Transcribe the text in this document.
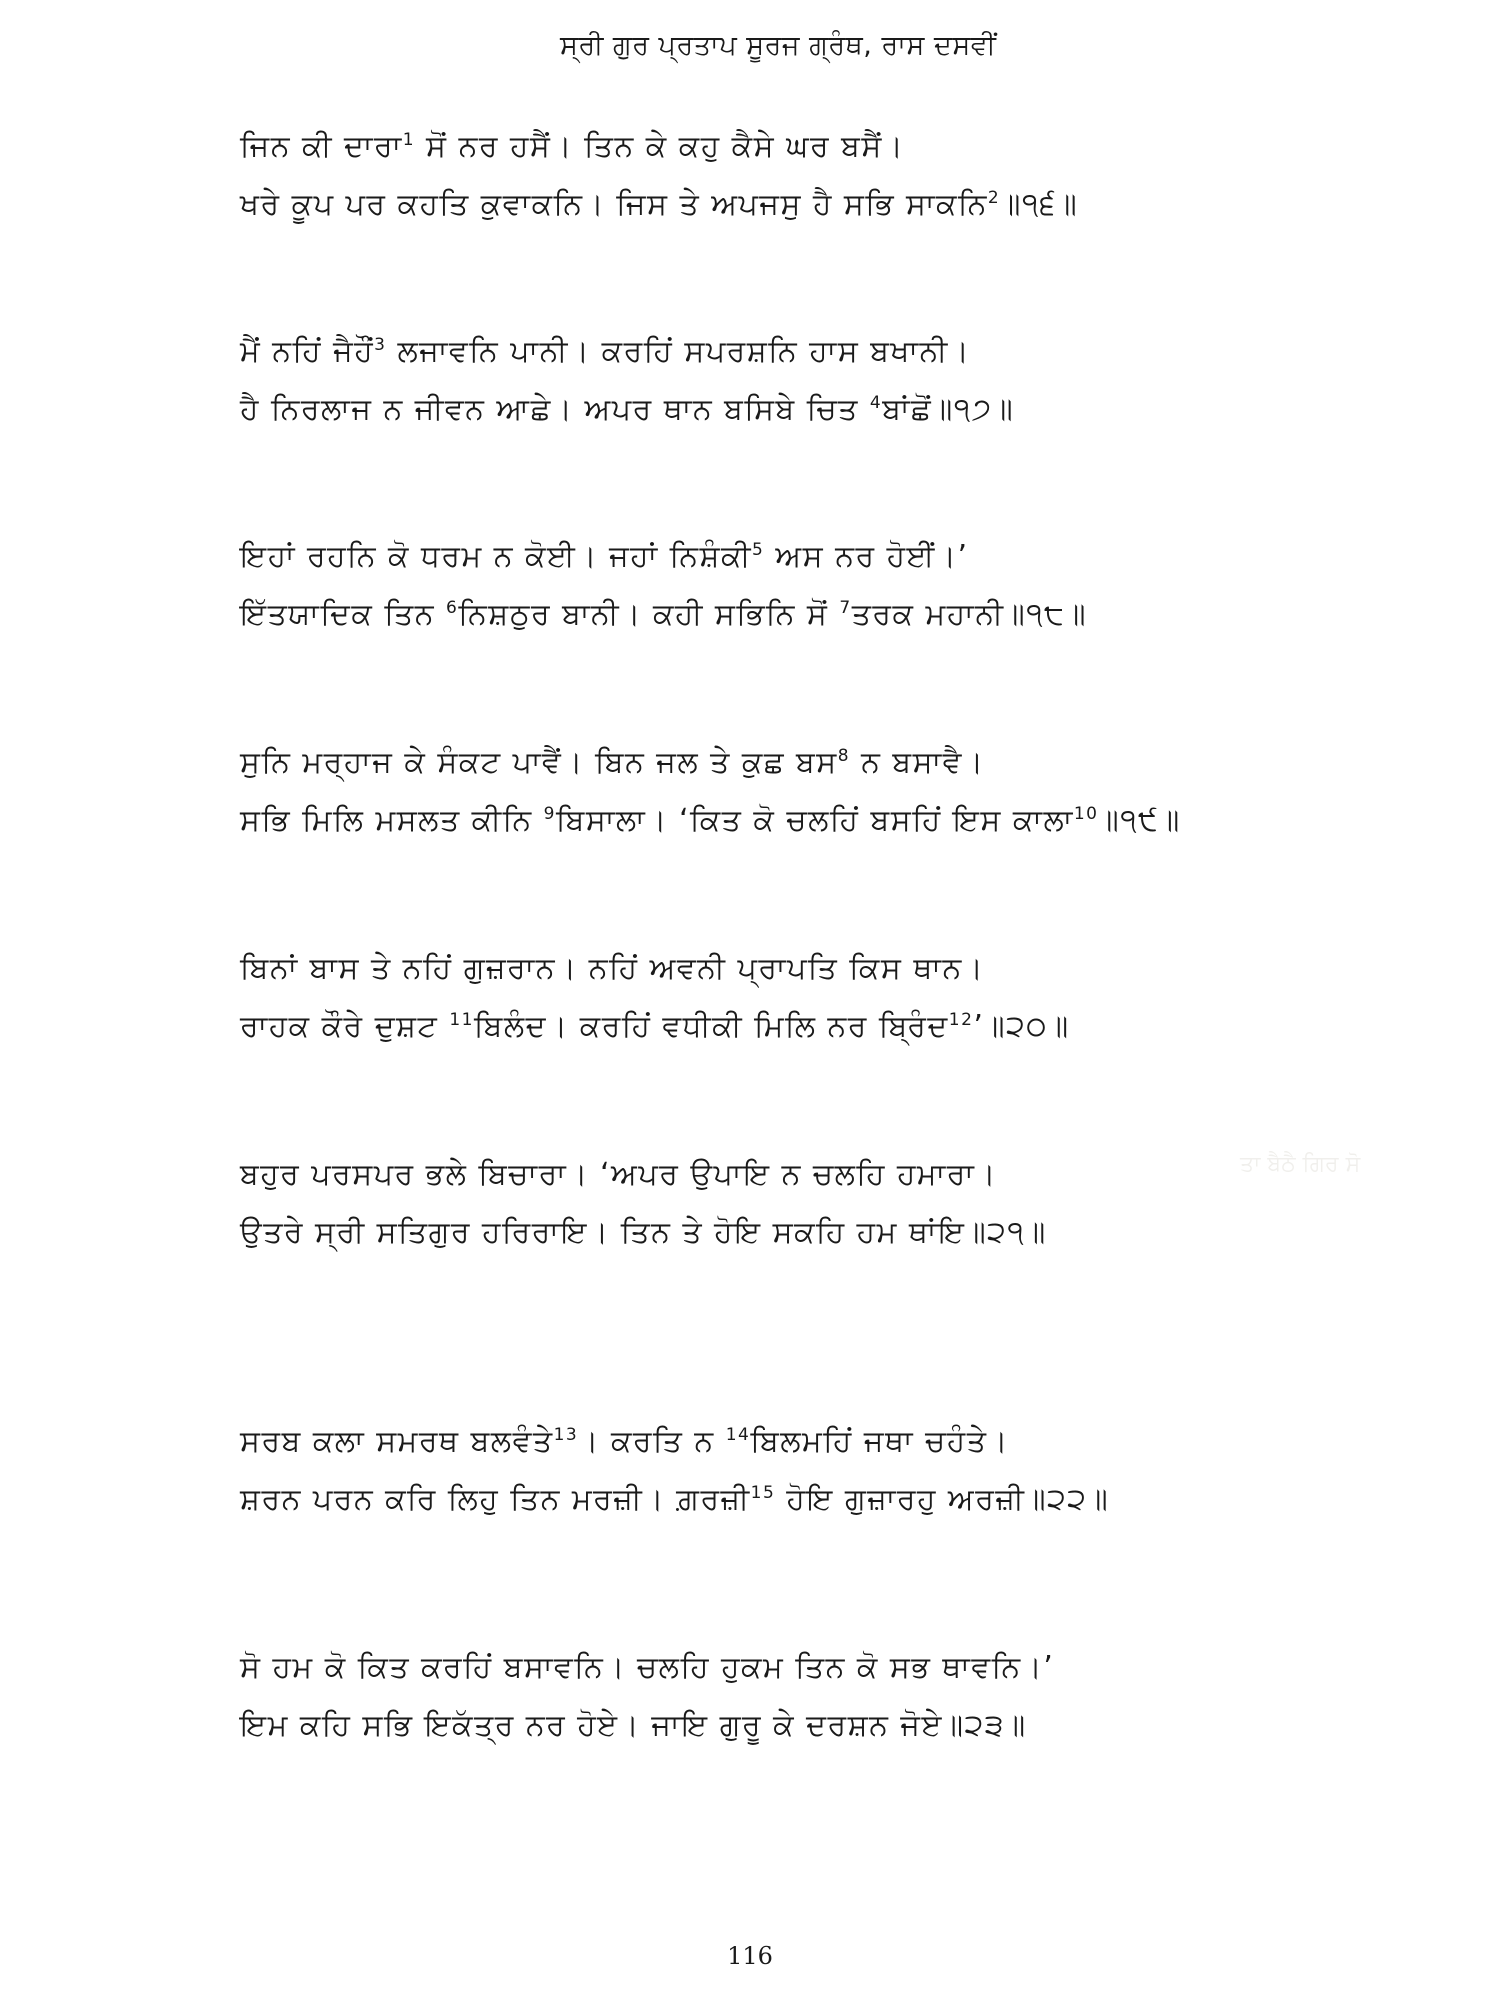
ਸ੍ਰੀ ਗੁਰ ਪ੍ਰਤਾਪ ਸੂਰਜ ਗ੍ਰੰਥ, ਰਾਸ ਦਸਵੀਂ
ਤਾ ਬੈਠੈ ਗਿਰ ਸੋ
ਜਿਨ ਕੀ ਦਾਰਾ$^1$ ਸੋਂ ਨਰ ਹਸੈਂ। ਤਿਨ ਕੇ ਕਹੁ ਕੈਸੇ ਘਰ ਬਸੈਂ।
ਖਰੇ ਕੂਪ ਪਰ ਕਹਤਿ ਕੁਵਾਕਨਿ। ਜਿਸ ਤੇ ਅਪਜਸੁ ਹੈ ਸਭਿ ਸਾਕਨਿ$^2$॥੧੬॥
ਮੈਂ ਨਹਿਂ ਜੈਹੌਂ$^3$ ਲਜਾਵਨਿ ਪਾਨੀ। ਕਰਹਿਂ ਸਪਰਸ਼ਨਿ ਹਾਸ ਬਖਾਨੀ।
ਹੈ ਨਿਰਲਾਜ ਨ ਜੀਵਨ ਆਛੇ। ਅਪਰ ਥਾਨ ਬਸਿਬੇ ਚਿਤ $^4$ਬਾਂਛੋਂ॥੧੭॥
ਇਹਾਂ ਰਹਨਿ ਕੋ ਧਰਮ ਨ ਕੋਈ। ਜਹਾਂ ਨਿਸ਼ੰਕੀ$^5$ ਅਸ ਨਰ ਹੋਈਂ।’
ਇੱਤਯਾਦਿਕ ਤਿਨ $^6$ਨਿਸ਼ਠੁਰ ਬਾਨੀ। ਕਹੀ ਸਭਿਨਿ ਸੋਂ $^7$ਤਰਕ ਮਹਾਨੀ॥੧੮॥
ਸੁਨਿ ਮਰ੍ਹਾਜ ਕੇ ਸੰਕਟ ਪਾਵੈਂ। ਬਿਨ ਜਲ ਤੇ ਕੁਛ ਬਸ$^8$ ਨ ਬਸਾਵੈ।
ਸਭਿ ਮਿਲਿ ਮਸਲਤ ਕੀਨਿ $^9$ਬਿਸਾਲਾ। ‘ਕਿਤ ਕੋ ਚਲਹਿਂ ਬਸਹਿਂ ਇਸ ਕਾਲਾ$^{10}$॥੧੯॥
ਬਿਨਾਂ ਬਾਸ ਤੇ ਨਹਿਂ ਗੁਜ਼ਰਾਨ। ਨਹਿਂ ਅਵਨੀ ਪ੍ਰਾਪਤਿ ਕਿਸ ਥਾਨ।
ਰਾਹਕ ਕੌਰੇ ਦੁਸ਼ਟ $^{11}$ਬਿਲੰਦ। ਕਰਹਿਂ ਵਧੀਕੀ ਮਿਲਿ ਨਰ ਬ੍ਰਿੰਦ$^{12}$’॥੨੦॥
ਬਹੁਰ ਪਰਸਪਰ ਭਲੇ ਬਿਚਾਰਾ। ‘ਅਪਰ ਉਪਾਇ ਨ ਚਲਹਿ ਹਮਾਰਾ।
ਉਤਰੇ ਸ੍ਰੀ ਸਤਿਗੁਰ ਹਰਿਰਾਇ। ਤਿਨ ਤੇ ਹੋਇ ਸਕਹਿ ਹਮ ਥਾਂਇ॥੨੧॥
ਸਰਬ ਕਲਾ ਸਮਰਥ ਬਲਵੰਤੇ$^{13}$। ਕਰਤਿ ਨ $^{14}$ਬਿਲਮਹਿਂ ਜਥਾ ਚਹੰਤੇ।
ਸ਼ਰਨ ਪਰਨ ਕਰਿ ਲਿਹੁ ਤਿਨ ਮਰਜ਼ੀ। ਗ਼ਰਜ਼ੀ$^{15}$ ਹੋਇ ਗੁਜ਼ਾਰਹੁ ਅਰਜ਼ੀ॥੨੨॥
ਸੋ ਹਮ ਕੋ ਕਿਤ ਕਰਹਿਂ ਬਸਾਵਨਿ। ਚਲਹਿ ਹੁਕਮ ਤਿਨ ਕੋ ਸਭ ਥਾਵਨਿ।’
ਇਮ ਕਹਿ ਸਭਿ ਇਕੱਤ੍ਰ ਨਰ ਹੋਏ। ਜਾਇ ਗੁਰੂ ਕੇ ਦਰਸ਼ਨ ਜੋਏ॥੨੩॥
116
